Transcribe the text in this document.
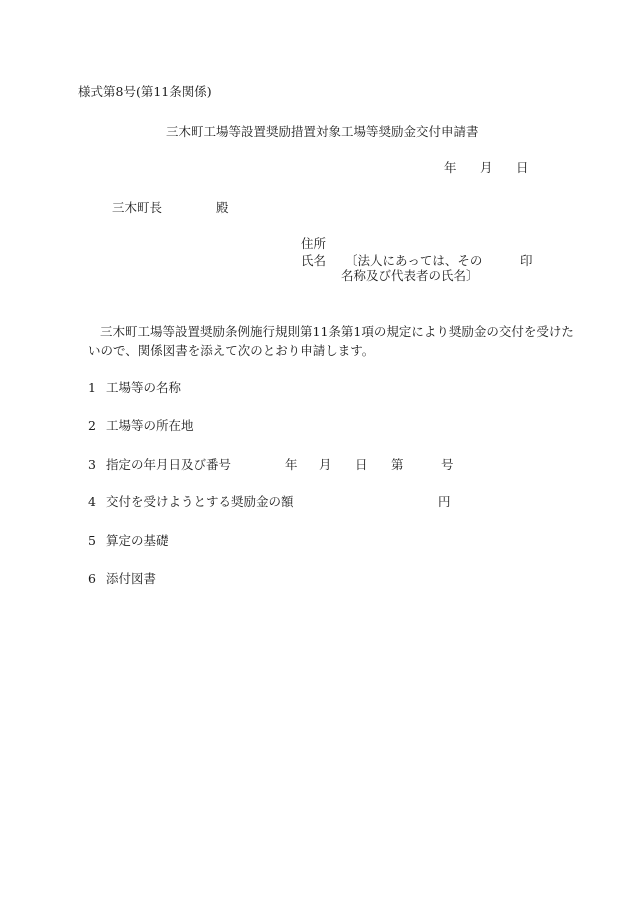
様式第8号(第11条関係)
三木町工場等設置奨励措置対象工場等奨励金交付申請書
年 月 日
三木町長	殿
住所
氏名 〔法人にあっては、その	印
名称及び代表者の氏名〕
三木町工場等設置奨励条例施行規則第11条第1項の規定により奨励金の交付を受けた
いので、関係図書を添えて次のとおり申請します。
1 工場等の名称
2 工場等の所在地
3 指定の年月日及び番号	年 月 日 第	号
4 交付を受けようとする奨励金の額	円
5 算定の基礎
6 添付図書
